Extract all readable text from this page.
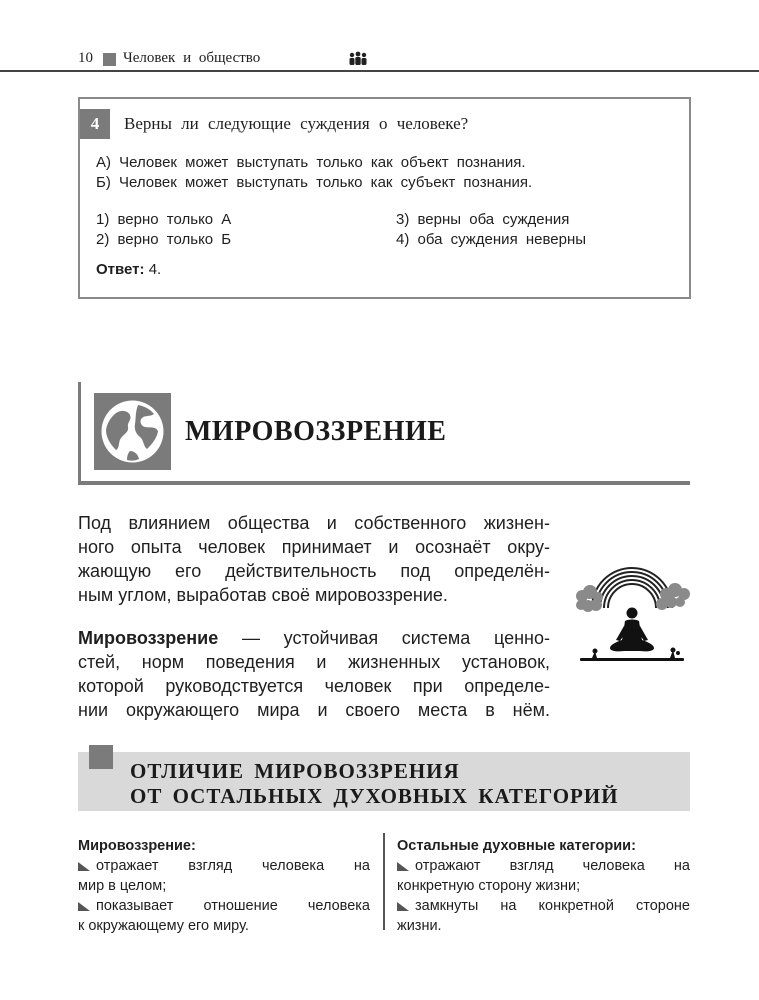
10 Человек и общество
4	Верны ли следующие суждения о человеке?
А) Человек может выступать только как объект познания.
Б) Человек может выступать только как субъект познания.
1) верно только А
2) верно только Б
3) верны оба суждения
4) оба суждения неверны
Ответ: 4.
МИРОВОЗЗРЕНИЕ
Под влиянием общества и собственного жизнен-
ного опыта человек принимает и осознаёт окру-
жающую его действительность под определён-
ным углом, выработав своё мировоззрение.
Мировоззрение — устойчивая система ценно-
стей, норм поведения и жизненных установок,
которой руководствуется человек при определе-
нии окружающего мира и своего места в нём.
ОТЛИЧИЕ МИРОВОЗЗРЕНИЯ
ОТ ОСТАЛЬНЫХ ДУХОВНЫХ КАТЕГОРИЙ
Мировоззрение:
отражает взгляд человека на
мир в целом;
показывает отношение человека
к окружающему его миру.
Остальные духовные категории:
отражают взгляд человека на
конкретную сторону жизни;
замкнуты на конкретной стороне
жизни.
